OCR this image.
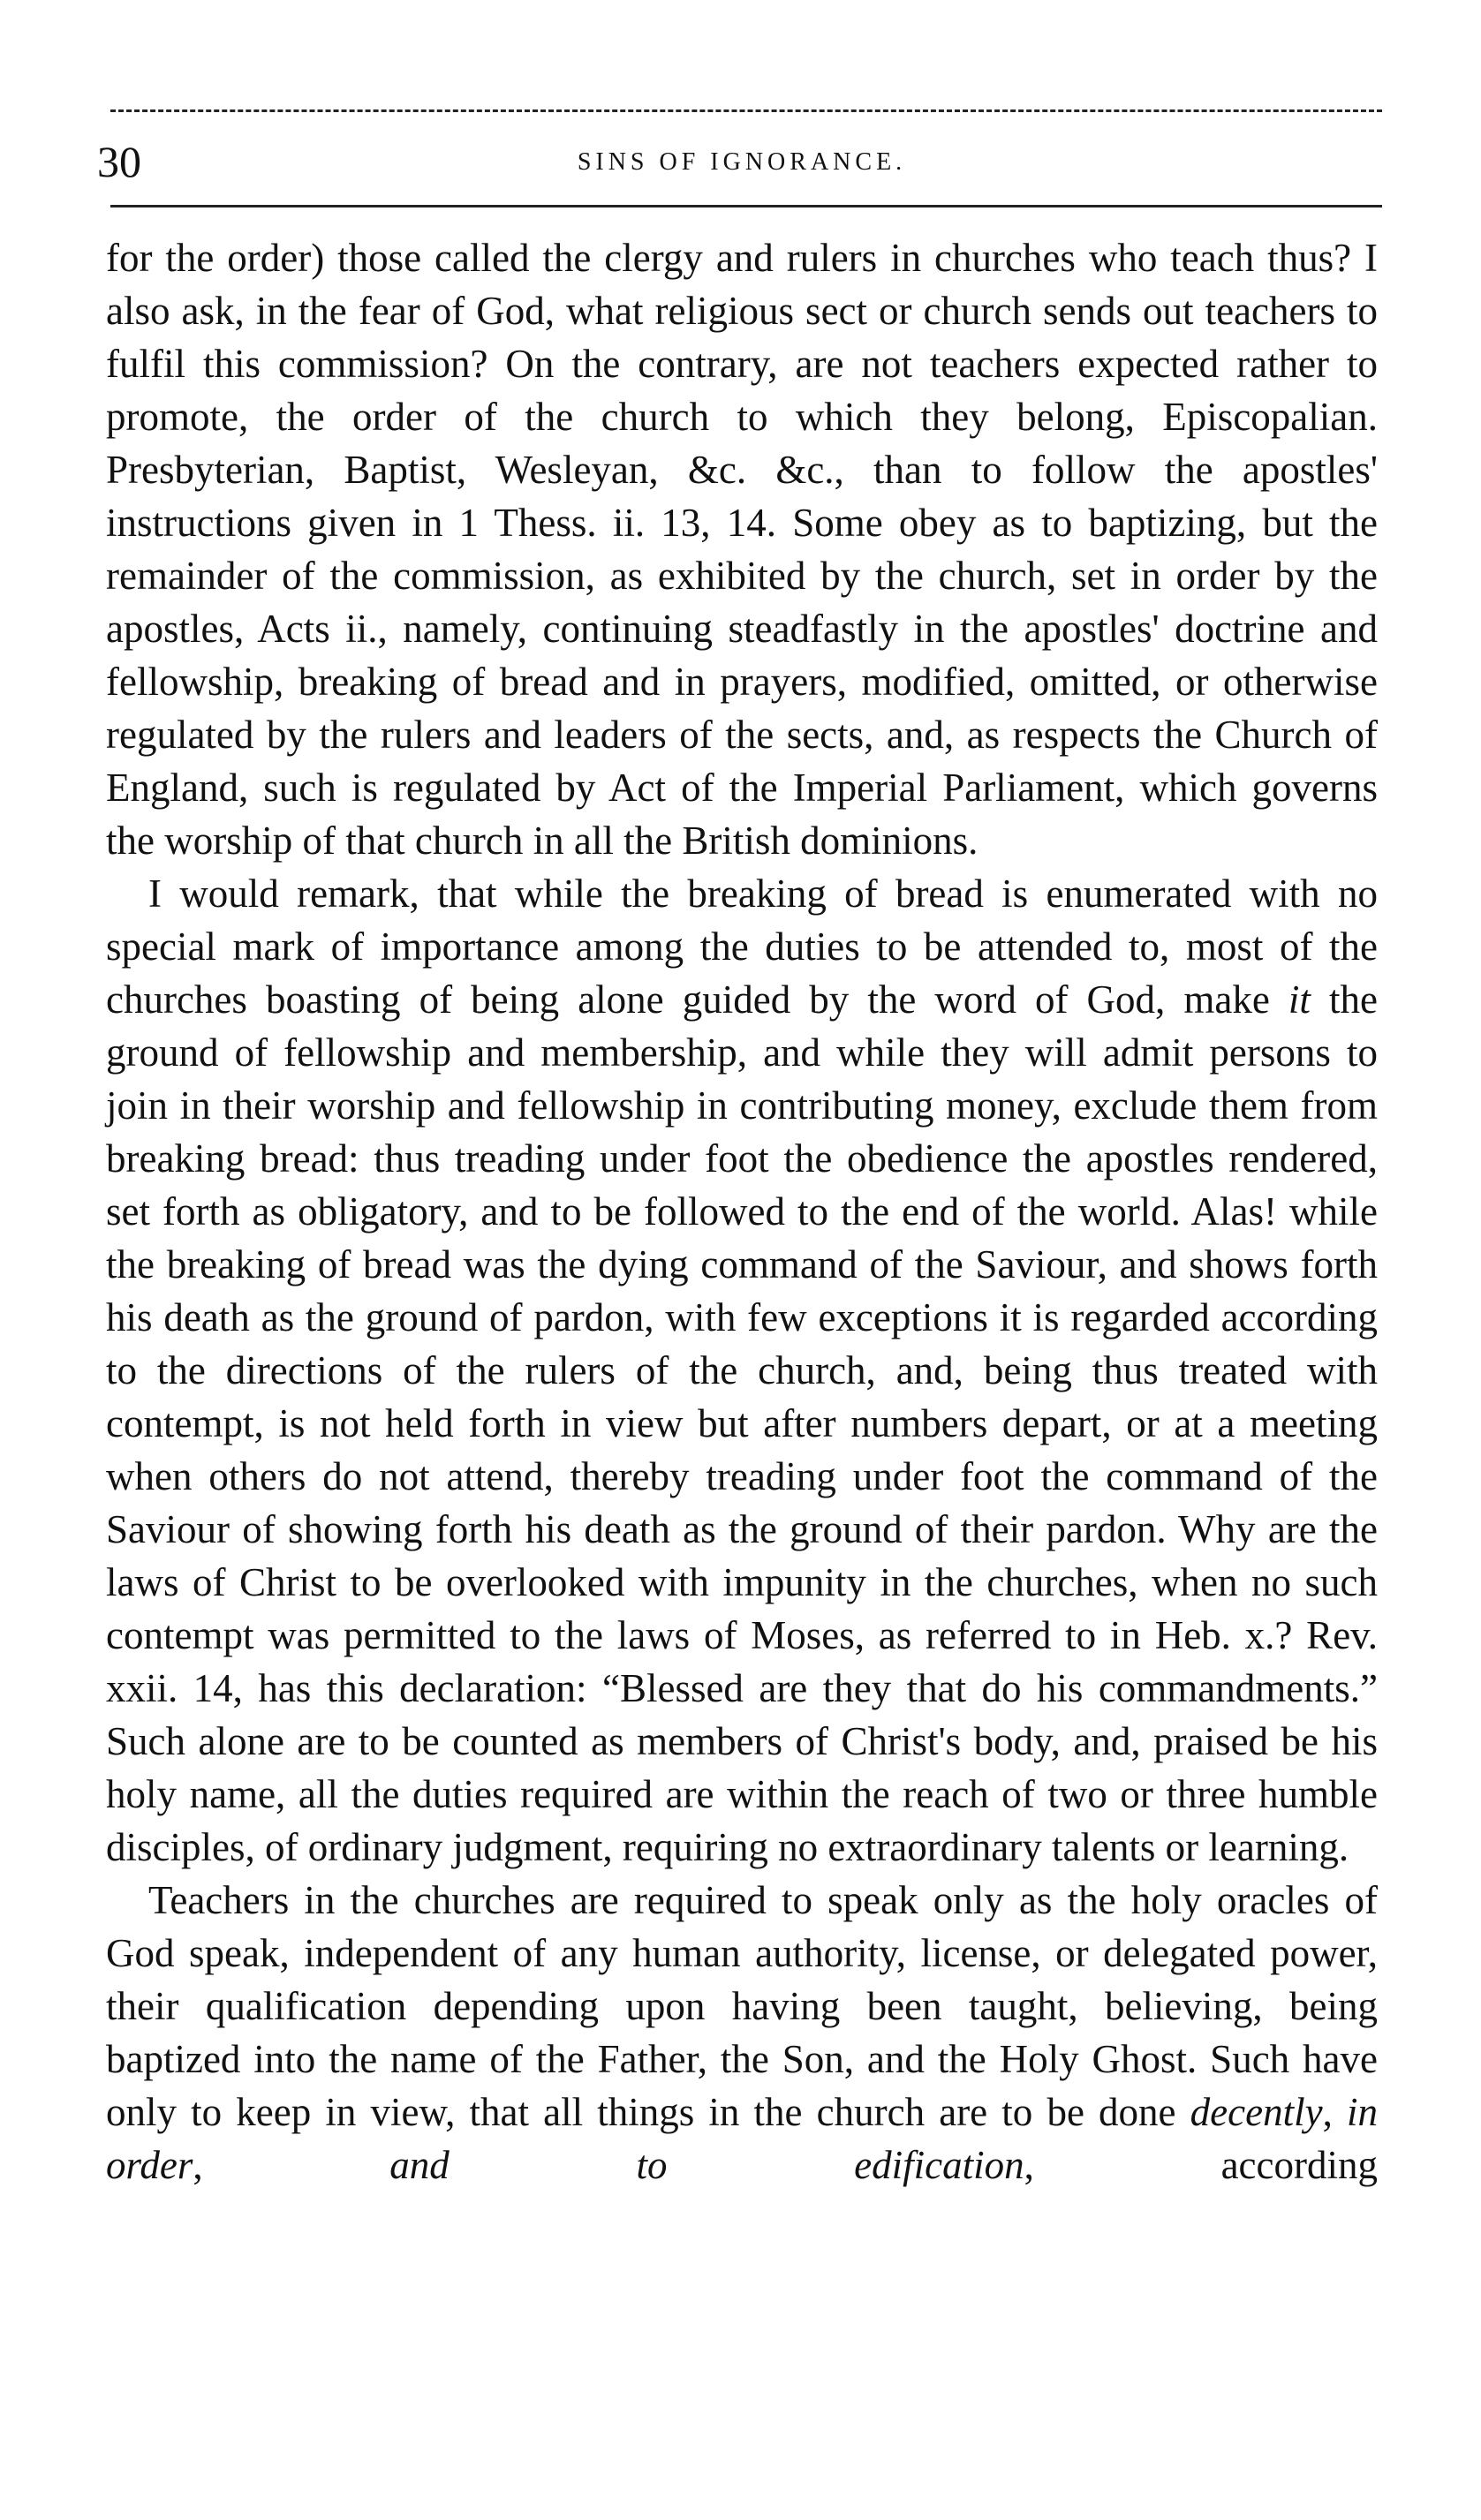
30	SINS OF IGNORANCE.

for the order) those called the clergy and rulers in churches who teach thus? I also ask, in the fear of God, what religious sect or church sends out teachers to fulfil this commission? On the contrary, are not teachers expected rather to promote, the order of the church to which they belong, Episcopalian. Presbyterian, Baptist, Wesleyan, &c. &c., than to follow the apostles' instructions given in 1 Thess. ii. 13, 14. Some obey as to baptizing, but the remainder of the commission, as exhibited by the church, set in order by the apostles, Acts ii., namely, continuing steadfastly in the apostles' doctrine and fellowship, breaking of bread and in prayers, modified, omitted, or otherwise regulated by the rulers and leaders of the sects, and, as respects the Church of England, such is regulated by Act of the Imperial Parliament, which governs the worship of that church in all the British dominions.

I would remark, that while the breaking of bread is enumerated with no special mark of importance among the duties to be attended to, most of the churches boasting of being alone guided by the word of God, make it the ground of fellowship and membership, and while they will admit persons to join in their worship and fellowship in contributing money, exclude them from breaking bread: thus treading under foot the obedience the apostles rendered, set forth as obligatory, and to be followed to the end of the world. Alas! while the breaking of bread was the dying command of the Saviour, and shows forth his death as the ground of pardon, with few exceptions it is regarded according to the directions of the rulers of the church, and, being thus treated with contempt, is not held forth in view but after numbers depart, or at a meeting when others do not attend, thereby treading under foot the command of the Saviour of showing forth his death as the ground of their pardon. Why are the laws of Christ to be overlooked with impunity in the churches, when no such contempt was permitted to the laws of Moses, as referred to in Heb. x.? Rev. xxii. 14, has this declaration: “Blessed are they that do his commandments.” Such alone are to be counted as members of Christ's body, and, praised be his holy name, all the duties required are within the reach of two or three humble disciples, of ordinary judgment, requiring no extraordinary talents or learning.

Teachers in the churches are required to speak only as the holy oracles of God speak, independent of any human authority, license, or delegated power, their qualification depending upon having been taught, believing, being baptized into the name of the Father, the Son, and the Holy Ghost. Such have only to keep in view, that all things in the church are to be done decently, in order, and to edification, according
